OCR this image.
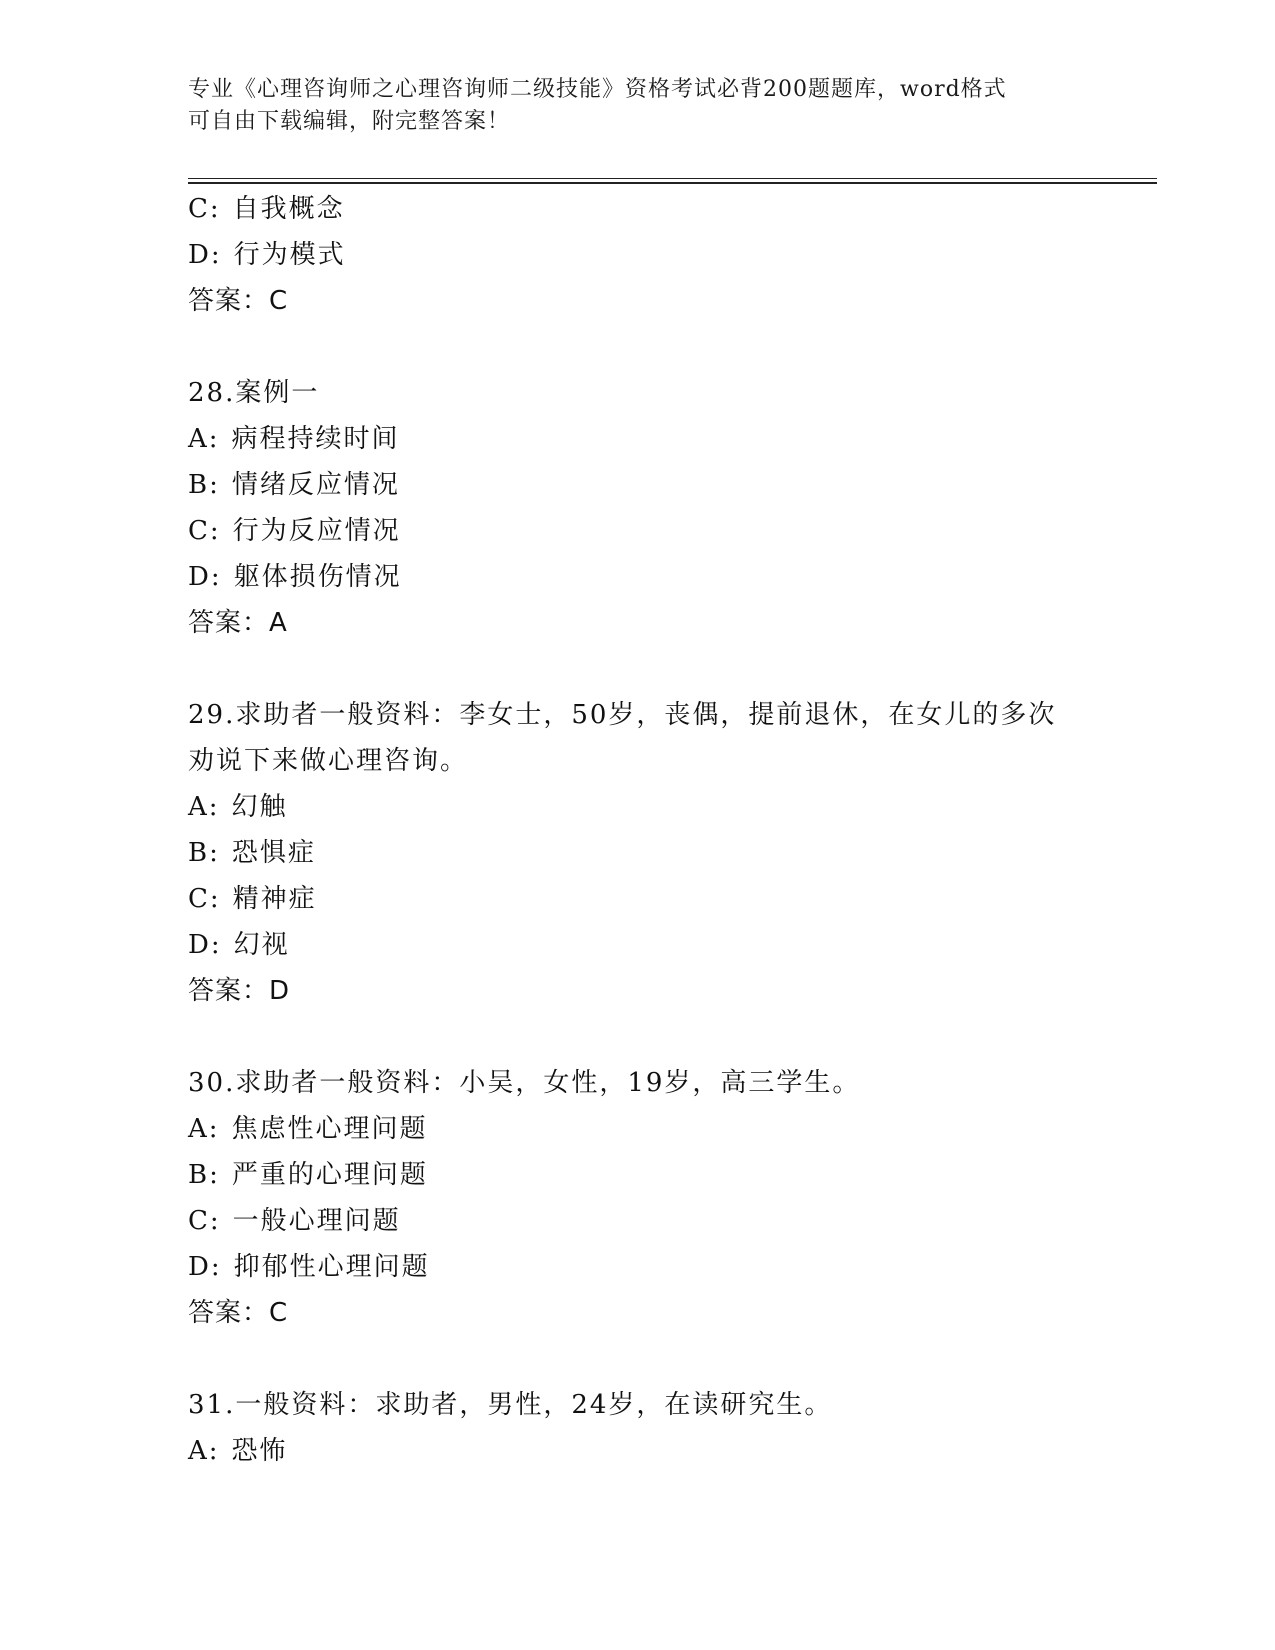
专业《心理咨询师之心理咨询师二级技能》资格考试必背200题题库，word格式
可自由下载编辑，附完整答案！
C: 自我概念
D: 行为模式
答案：C
28.案例一
A: 病程持续时间
B: 情绪反应情况
C: 行为反应情况
D: 躯体损伤情况
答案：A
29.求助者一般资料：李女士，50岁，丧偶，提前退休，在女儿的多次
劝说下来做心理咨询。
A: 幻触
B: 恐惧症
C: 精神症
D: 幻视
答案：D
30.求助者一般资料：小吴，女性，19岁，高三学生。
A: 焦虑性心理问题
B: 严重的心理问题
C: 一般心理问题
D: 抑郁性心理问题
答案：C
31.一般资料：求助者，男性，24岁，在读研究生。
A: 恐怖
